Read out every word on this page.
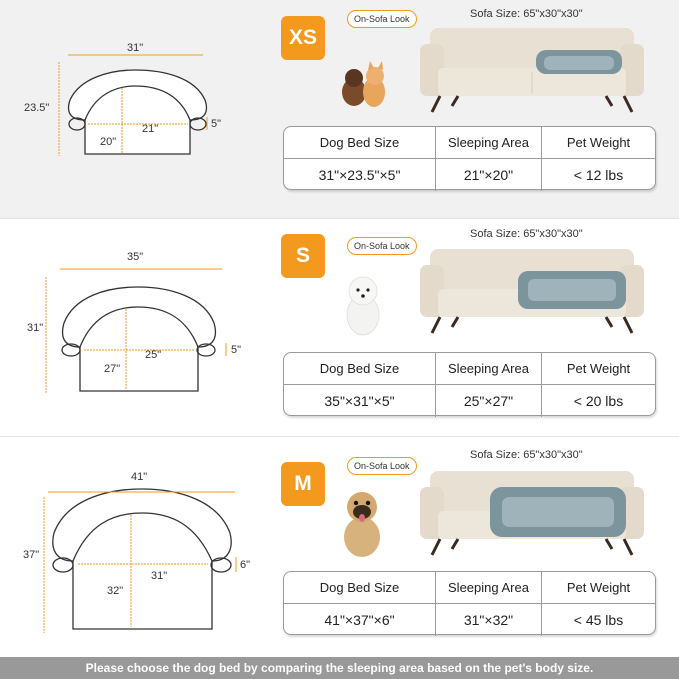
31"
23.5"
5"
21"
20"
XS
On-Sofa Look	Sofa Size: 65"x30"x30"
Dog Bed Size	Sleeping Area	Pet Weight
31"×23.5"×5"	21"×20"	< 12 lbs
35"
31"
5"
25"
27"
S	On-Sofa Look
Sofa Size: 65"x30"x30"
Dog Bed Size	Sleeping Area	Pet Weight
35"×31"×5"	25"×27"	< 20 lbs
41"
37"
6"
31"
32"
M
On-Sofa Look
Sofa Size: 65"x30"x30"
Dog Bed Size	Sleeping Area	Pet Weight
41"×37"×6"	31"×32"	< 45 lbs
Please choose the dog bed by comparing the sleeping area based on the pet's body size.
